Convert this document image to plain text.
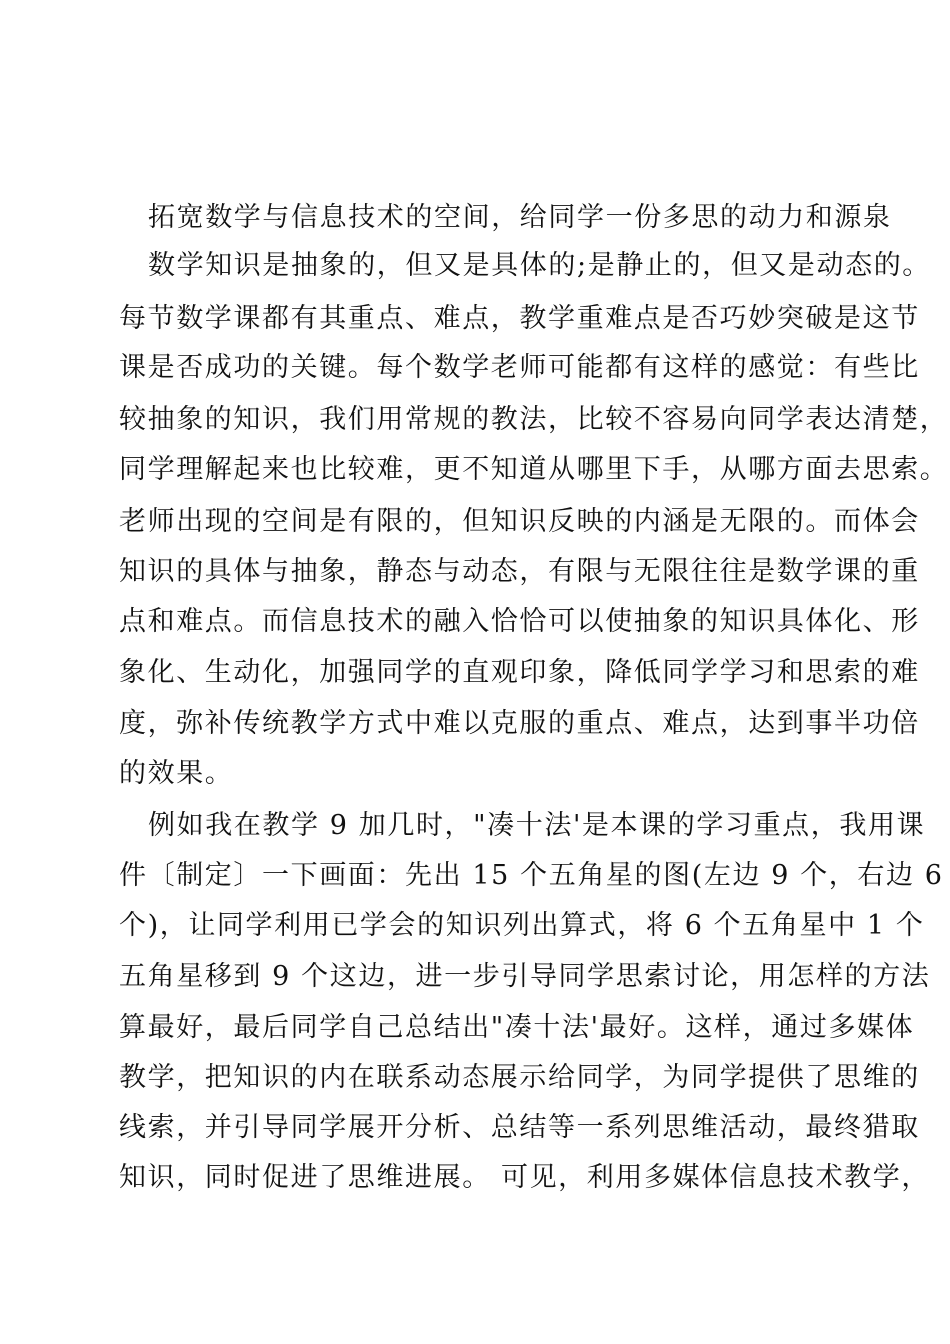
拓宽数学与信息技术的空间，给同学一份多思的动力和源泉
数学知识是抽象的，但又是具体的;是静止的，但又是动态的。
每节数学课都有其重点、难点，教学重难点是否巧妙突破是这节
课是否成功的关键。每个数学老师可能都有这样的感觉：有些比
较抽象的知识，我们用常规的教法，比较不容易向同学表达清楚，
同学理解起来也比较难，更不知道从哪里下手，从哪方面去思索。
老师出现的空间是有限的，但知识反映的内涵是无限的。而体会
知识的具体与抽象，静态与动态，有限与无限往往是数学课的重
点和难点。而信息技术的融入恰恰可以使抽象的知识具体化、形
象化、生动化，加强同学的直观印象，降低同学学习和思索的难
度，弥补传统教学方式中难以克服的重点、难点，达到事半功倍
的效果。
例如我在教学 9 加几时，"凑十法'是本课的学习重点，我用课
件〔制定〕一下画面：先出 15 个五角星的图(左边 9 个，右边 6
个)，让同学利用已学会的知识列出算式，将 6 个五角星中 1 个
五角星移到 9 个这边，进一步引导同学思索讨论，用怎样的方法
算最好，最后同学自己总结出"凑十法'最好。这样，通过多媒体
教学，把知识的内在联系动态展示给同学，为同学提供了思维的
线索，并引导同学展开分析、总结等一系列思维活动，最终猎取
知识，同时促进了思维进展。 可见，利用多媒体信息技术教学，
